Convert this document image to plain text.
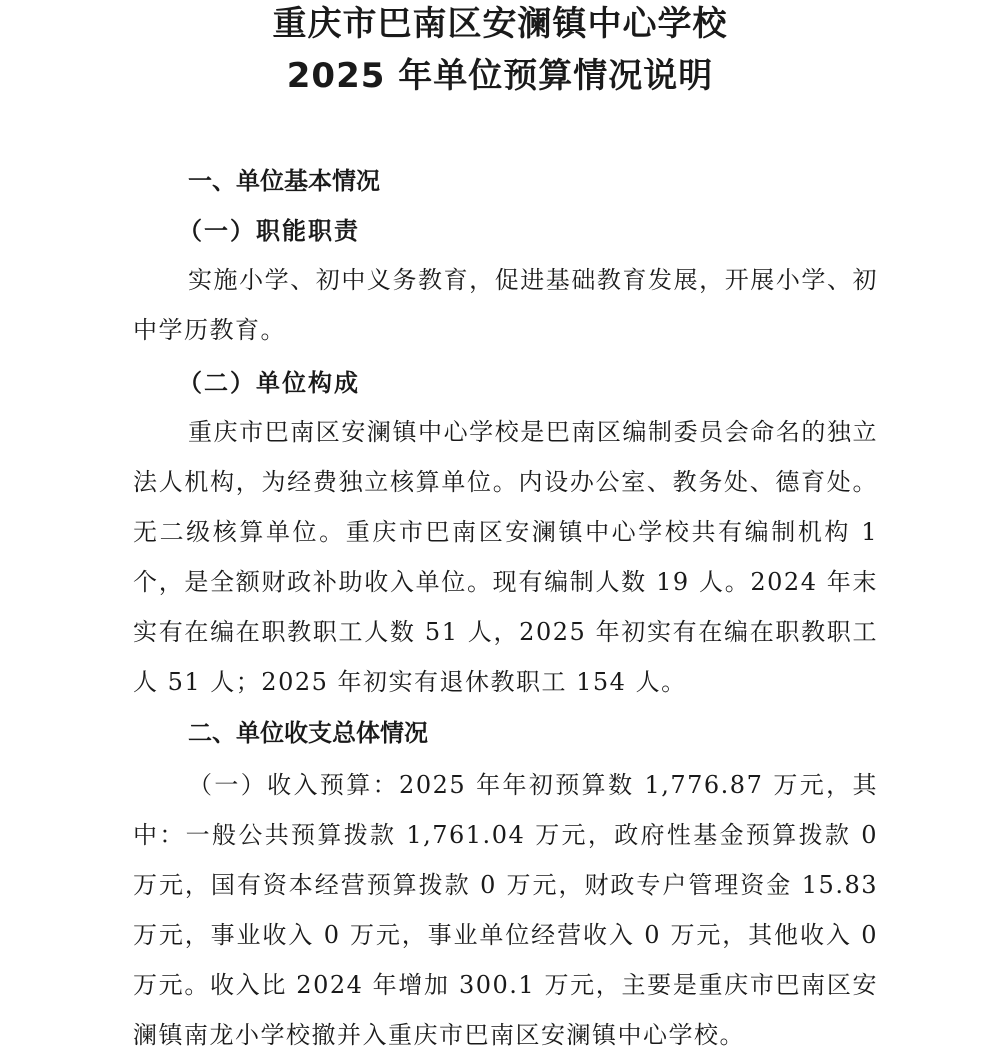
重庆市巴南区安澜镇中心学校
2025 年单位预算情况说明
一、单位基本情况
（一）职能职责

实施小学、初中义务教育，促进基础教育发展，开展小学、初中学历教育。

（二）单位构成

重庆市巴南区安澜镇中心学校是巴南区编制委员会命名的独立法人机构，为经费独立核算单位。内设办公室、教务处、德育处。无二级核算单位。重庆市巴南区安澜镇中心学校共有编制机构 1 个，是全额财政补助收入单位。现有编制人数 19 人。2024 年末实有在编在职教职工人数 51 人，2025 年初实有在编在职教职工人 51 人；2025 年初实有退休教职工 154 人。

二、单位收支总体情况

（一）收入预算：2025 年年初预算数 1,776.87 万元，其中：一般公共预算拨款 1,761.04 万元，政府性基金预算拨款 0 万元，国有资本经营预算拨款 0 万元，财政专户管理资金 15.83 万元，事业收入 0 万元，事业单位经营收入 0 万元，其他收入 0 万元。收入比 2024 年增加 300.1 万元，主要是重庆市巴南区安澜镇南龙小学校撤并入重庆市巴南区安澜镇中心学校。
